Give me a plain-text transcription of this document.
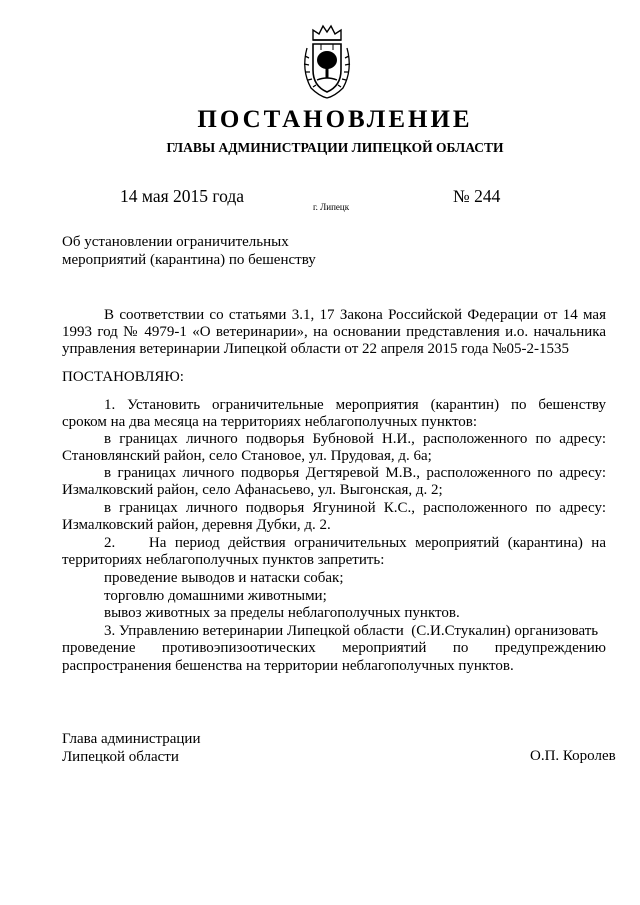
ПОСТАНОВЛЕНИЕ
ГЛАВЫ АДМИНИСТРАЦИИ ЛИПЕЦКОЙ ОБЛАСТИ
14 мая 2015 года
г. Липецк
№ 244
Об установлении ограничительных
мероприятий (карантина) по бешенству
В соответствии со статьями 3.1, 17 Закона Российской Федерации от 14 мая
1993 год № 4979-1 «О ветеринарии», на основании представления и.о. начальника
управления ветеринарии Липецкой области от 22 апреля 2015 года №05-2-1535
ПОСТАНОВЛЯЮ:
1. Установить ограничительные мероприятия (карантин) по бешенству
сроком на два месяца на территориях неблагополучных пунктов:
в границах личного подворья Бубновой Н.И., расположенного по адресу:
Становлянский район, село Становое, ул. Прудовая, д. 6а;
в границах личного подворья Дегтяревой М.В., расположенного по адресу:
Измалковский район, село Афанасьево, ул. Выгонская, д. 2;
в границах личного подворья Ягуниной К.С., расположенного по адресу:
Измалковский район, деревня Дубки, д. 2.
2.    На период действия ограничительных мероприятий (карантина) на
территориях неблагополучных пунктов запретить:
проведение выводов и натаски собак;
торговлю домашними животными;
вывоз животных за пределы неблагополучных пунктов.
3. Управлению ветеринарии Липецкой области  (С.И.Стукалин) организовать
проведение противоэпизоотических мероприятий по предупреждению
распространения бешенства на территории неблагополучных пунктов.
Глава администрации
Липецкой области	О.П. Королев
